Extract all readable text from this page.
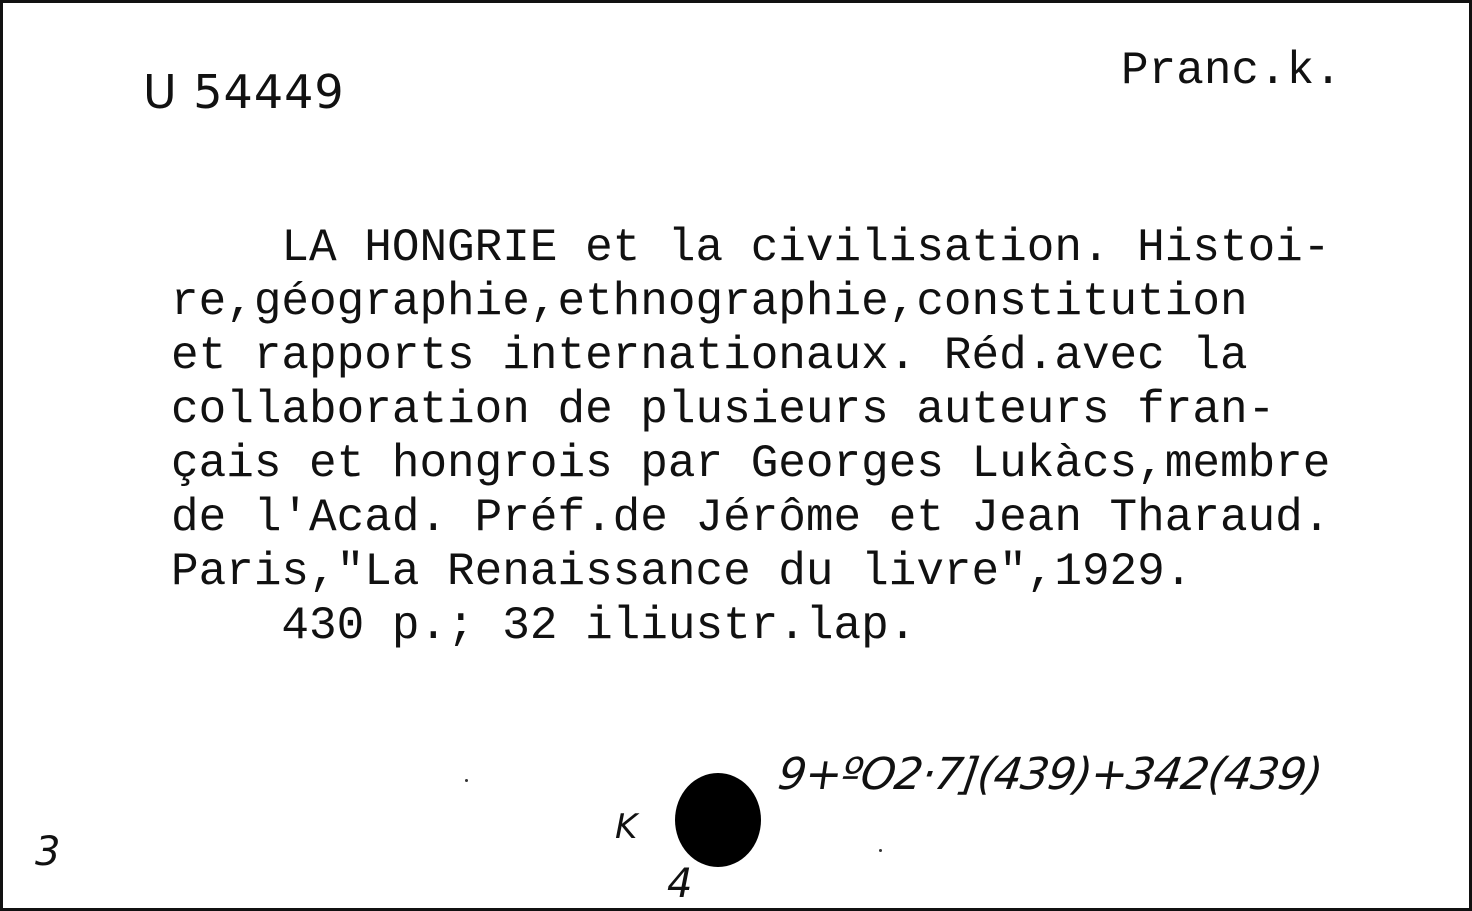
U 54449	Pranc.k.
LA HONGRIE et la civilisation. Histoi-
re,géographie,ethnographie,constitution
et rapports internationaux. Réd.avec la
collaboration de plusieurs auteurs fran-
çais et hongrois par Georges Lukàcs,membre
de l'Acad. Préf.de Jérôme et Jean Tharaud.
Paris,"La Renaissance du livre",1929.
430 p.; 32 iliustr.lap.
3
K
4
9+ºO2·7](439)+342(439)
